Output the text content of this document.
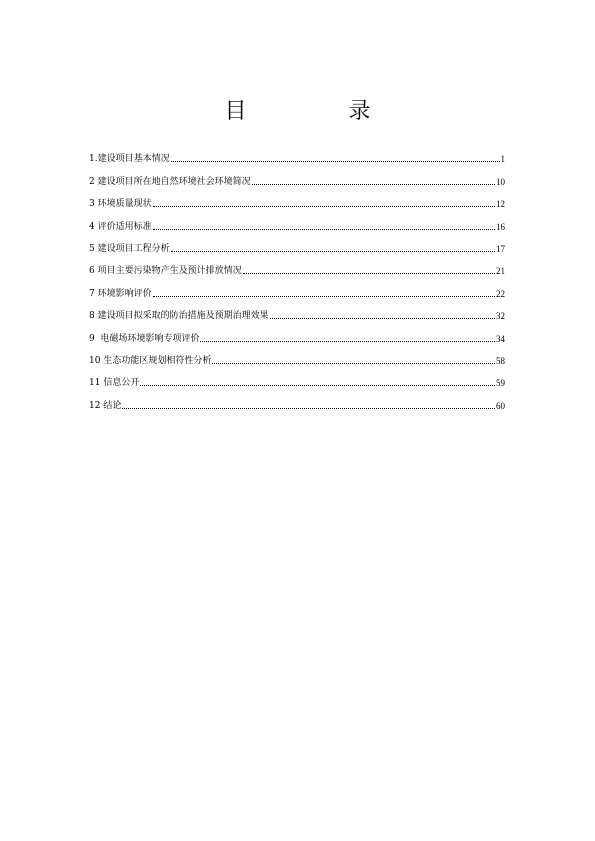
目　录
1.建设项目基本情况	1
2 建设项目所在地自然环境社会环境简况	10
3 环境质量现状	12
4 评价适用标准	16
5 建设项目工程分析	17
6 项目主要污染物产生及预计排放情况	21
7 环境影响评价	22
8 建设项目拟采取的防治措施及预期治理效果	32
9  电磁场环境影响专项评价	34
10 生态功能区规划相符性分析	58
11 信息公开	59
12 结论	60
